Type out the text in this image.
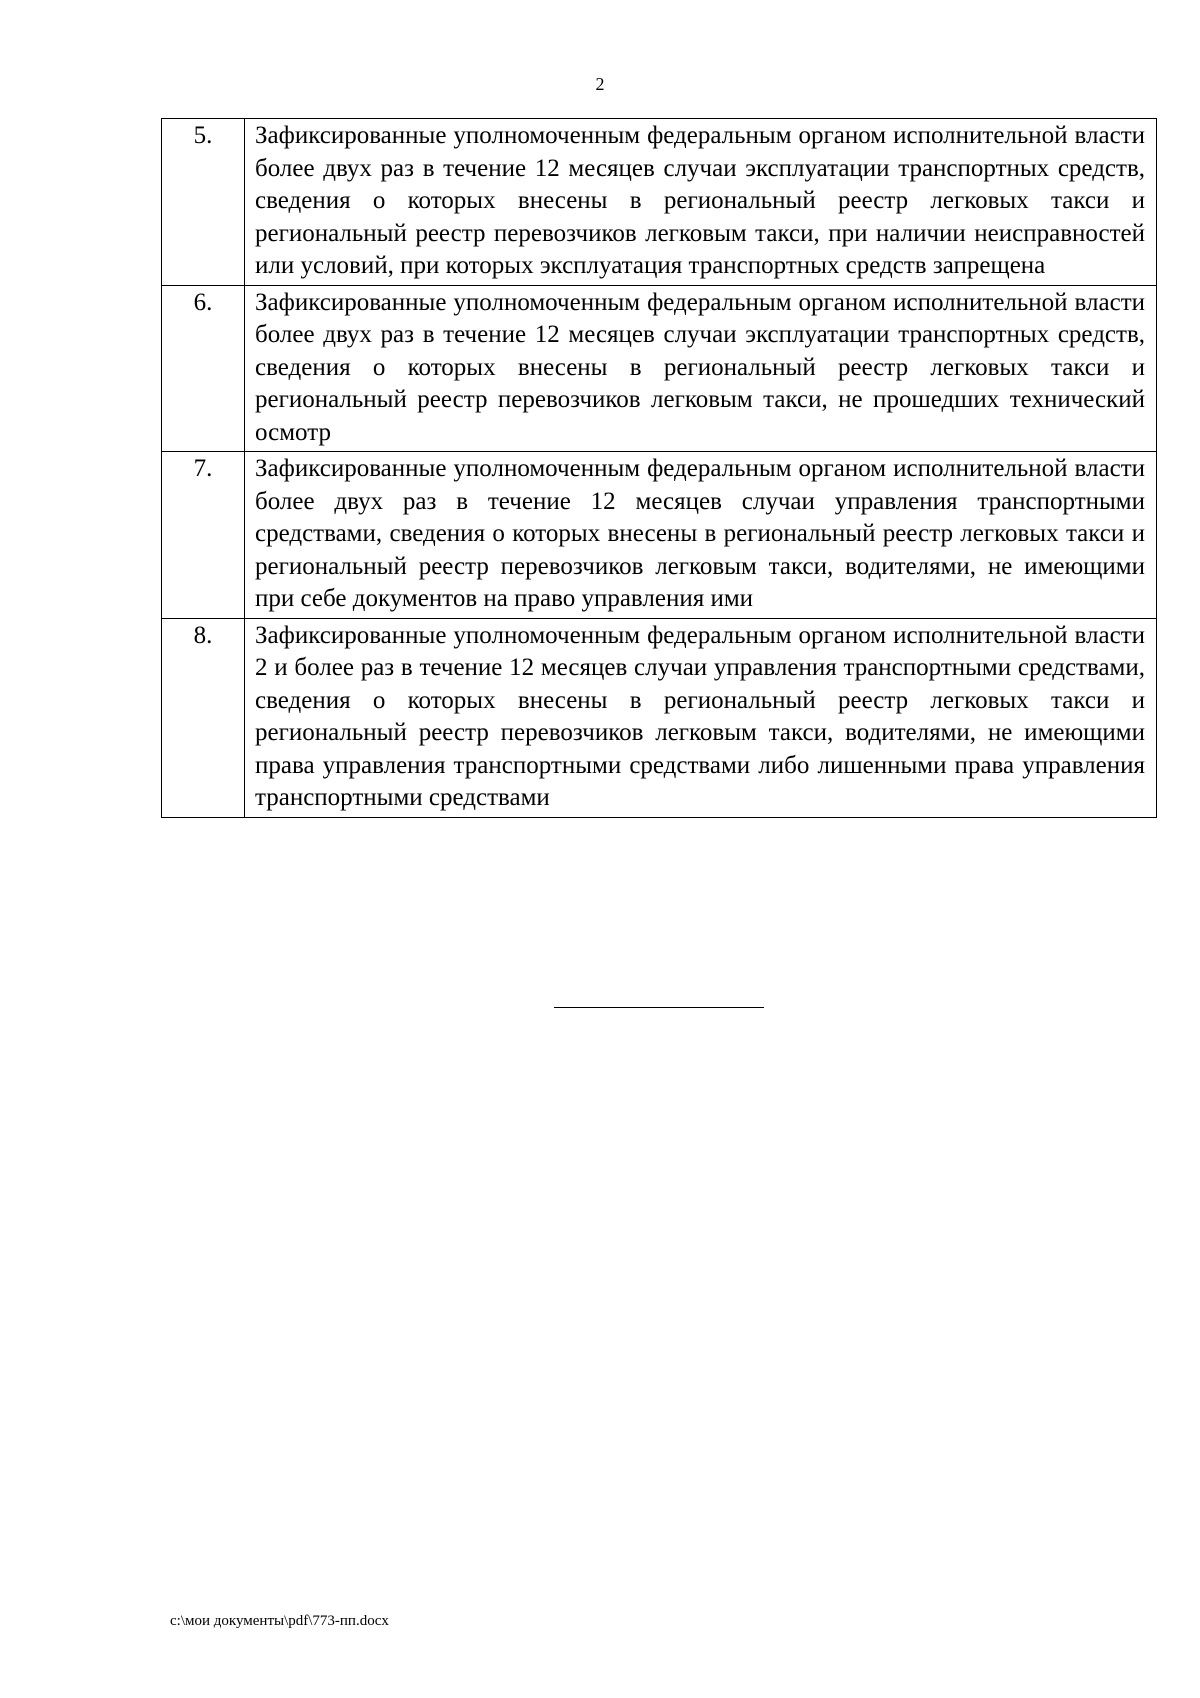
2
5.	Зафиксированные уполномоченным федеральным органом исполнительной власти более двух раз в течение 12 месяцев случаи эксплуатации транспортных средств, сведения о которых внесены в региональный реестр легковых такси и региональный реестр перевозчиков легковым такси, при наличии неисправностей или условий, при которых эксплуатация транспортных средств запрещена
6.	Зафиксированные уполномоченным федеральным органом исполнительной власти более двух раз в течение 12 месяцев случаи эксплуатации транспортных средств, сведения о которых внесены в региональный реестр легковых такси и региональный реестр перевозчиков легковым такси, не прошедших технический осмотр
7.	Зафиксированные уполномоченным федеральным органом исполнительной власти более двух раз в течение 12 месяцев случаи управления транспортными средствами, сведения о которых внесены в региональный реестр легковых такси и региональный реестр перевозчиков легковым такси, водителями, не имеющими при себе документов на право управления ими
8.	Зафиксированные уполномоченным федеральным органом исполнительной власти 2 и более раз в течение 12 месяцев случаи управления транспортными средствами, сведения о которых внесены в региональный реестр легковых такси и региональный реестр перевозчиков легковым такси, водителями, не имеющими права управления транспортными средствами либо лишенными права управления транспортными средствами
с:\мои документы\pdf\773-пп.docx
